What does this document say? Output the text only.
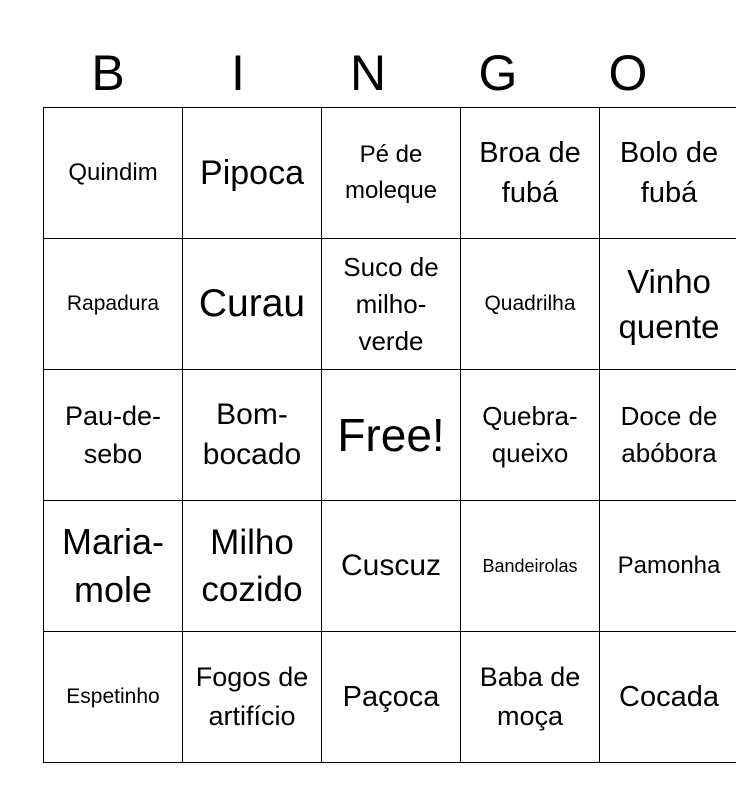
B	I	N	G	O
Quindim	Pipoca	Pé de moleque	Broa de fubá	Bolo de fubá
Rapadura	Curau	Suco de milho-verde	Quadrilha	Vinho quente
Pau-de-sebo	Bom-bocado	Free!	Quebra-queixo	Doce de abóbora
Maria-mole	Milho cozido	Cuscuz	Bandeirolas	Pamonha
Espetinho	Fogos de artifício	Paçoca	Baba de moça	Cocada
